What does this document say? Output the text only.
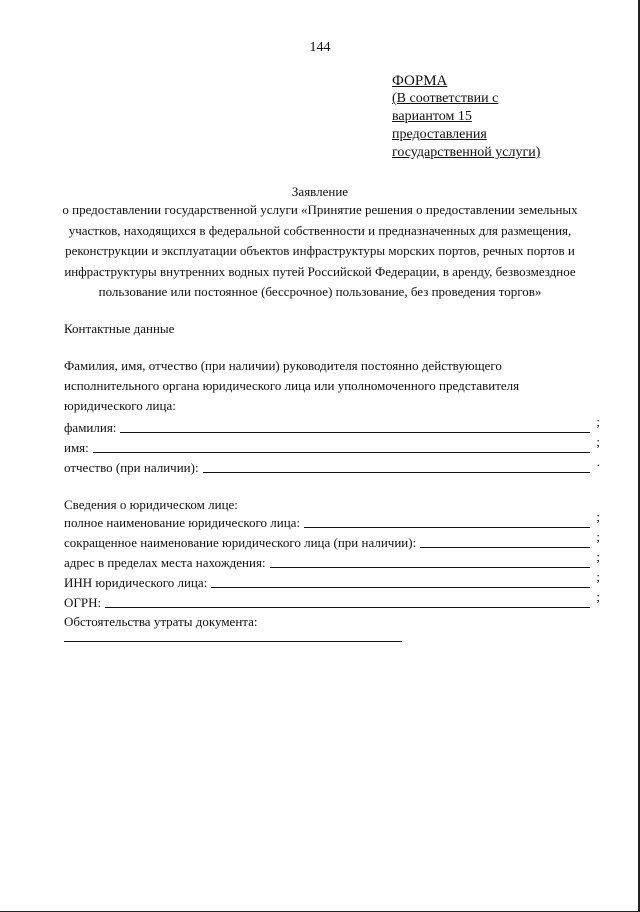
144
ФОРМА
(В соответствии с
вариантом 15
предоставления
государственной услуги)
Заявление
о предоставлении государственной услуги «Принятие решения о предоставлении земельных
участков, находящихся в федеральной собственности и предназначенных для размещения,
реконструкции и эксплуатации объектов инфраструктуры морских портов, речных портов и
инфраструктуры внутренних водных путей Российской Федерации, в аренду, безвозмездное
пользование или постоянное (бессрочное) пользование, без проведения торгов»
Контактные данные
Фамилия, имя, отчество (при наличии) руководителя постоянно действующего
исполнительного органа юридического лица или уполномоченного представителя
юридического лица:
фамилия:	;
имя:	;
отчество (при наличии):	.
Сведения о юридическом лице:
полное наименование юридического лица:	;
сокращенное наименование юридического лица (при наличии):	;
адрес в пределах места нахождения:	;
ИНН юридического лица:	;
ОГРН:	;
Обстоятельства утраты документа:
